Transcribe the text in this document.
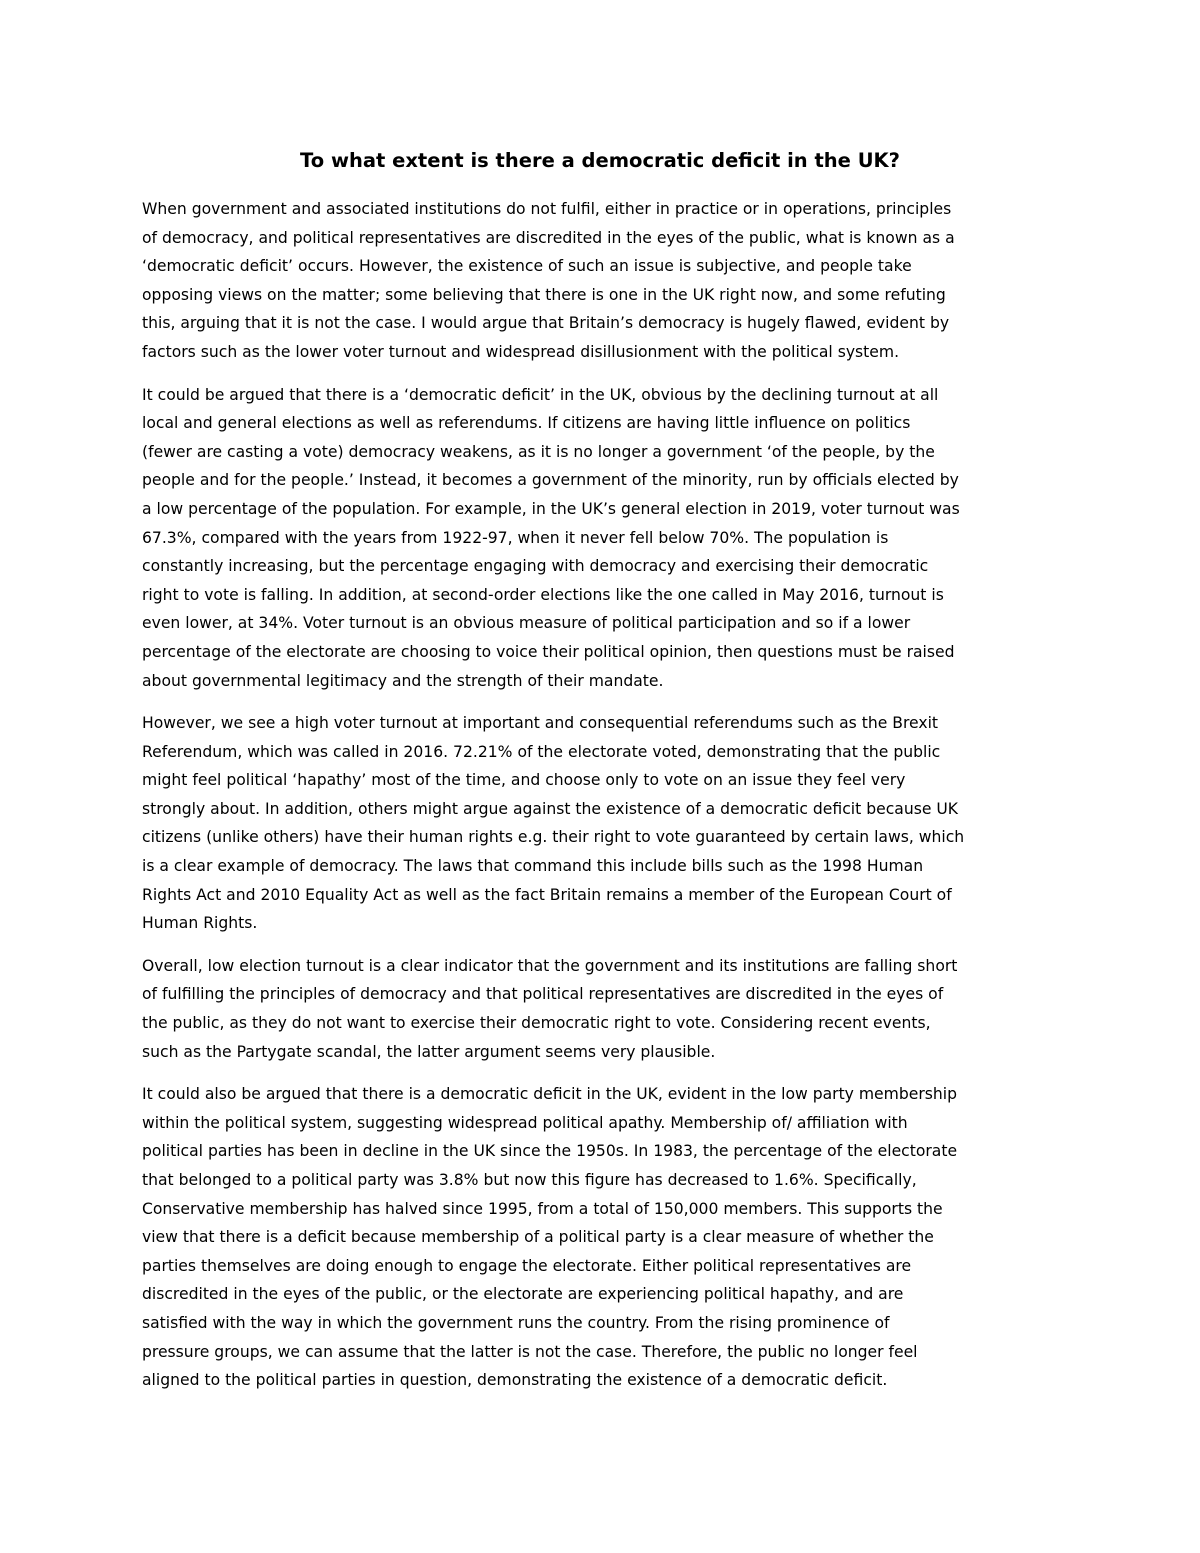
To what extent is there a democratic deficit in the UK?

When government and associated institutions do not fulfil, either in practice or in operations, principles
of democracy, and political representatives are discredited in the eyes of the public, what is known as a
‘democratic deficit’ occurs. However, the existence of such an issue is subjective, and people take
opposing views on the matter; some believing that there is one in the UK right now, and some refuting
this, arguing that it is not the case. I would argue that Britain’s democracy is hugely flawed, evident by
factors such as the lower voter turnout and widespread disillusionment with the political system.

It could be argued that there is a ‘democratic deficit’ in the UK, obvious by the declining turnout at all
local and general elections as well as referendums. If citizens are having little influence on politics
(fewer are casting a vote) democracy weakens, as it is no longer a government ‘of the people, by the
people and for the people.’ Instead, it becomes a government of the minority, run by officials elected by
a low percentage of the population. For example, in the UK’s general election in 2019, voter turnout was
67.3%, compared with the years from 1922-97, when it never fell below 70%. The population is
constantly increasing, but the percentage engaging with democracy and exercising their democratic
right to vote is falling. In addition, at second-order elections like the one called in May 2016, turnout is
even lower, at 34%. Voter turnout is an obvious measure of political participation and so if a lower
percentage of the electorate are choosing to voice their political opinion, then questions must be raised
about governmental legitimacy and the strength of their mandate.

However, we see a high voter turnout at important and consequential referendums such as the Brexit
Referendum, which was called in 2016. 72.21% of the electorate voted, demonstrating that the public
might feel political ‘hapathy’ most of the time, and choose only to vote on an issue they feel very
strongly about. In addition, others might argue against the existence of a democratic deficit because UK
citizens (unlike others) have their human rights e.g. their right to vote guaranteed by certain laws, which
is a clear example of democracy. The laws that command this include bills such as the 1998 Human
Rights Act and 2010 Equality Act as well as the fact Britain remains a member of the European Court of
Human Rights.

Overall, low election turnout is a clear indicator that the government and its institutions are falling short
of fulfilling the principles of democracy and that political representatives are discredited in the eyes of
the public, as they do not want to exercise their democratic right to vote. Considering recent events,
such as the Partygate scandal, the latter argument seems very plausible.

It could also be argued that there is a democratic deficit in the UK, evident in the low party membership
within the political system, suggesting widespread political apathy. Membership of/ affiliation with
political parties has been in decline in the UK since the 1950s. In 1983, the percentage of the electorate
that belonged to a political party was 3.8% but now this figure has decreased to 1.6%. Specifically,
Conservative membership has halved since 1995, from a total of 150,000 members. This supports the
view that there is a deficit because membership of a political party is a clear measure of whether the
parties themselves are doing enough to engage the electorate. Either political representatives are
discredited in the eyes of the public, or the electorate are experiencing political hapathy, and are
satisfied with the way in which the government runs the country. From the rising prominence of
pressure groups, we can assume that the latter is not the case. Therefore, the public no longer feel
aligned to the political parties in question, demonstrating the existence of a democratic deficit.
